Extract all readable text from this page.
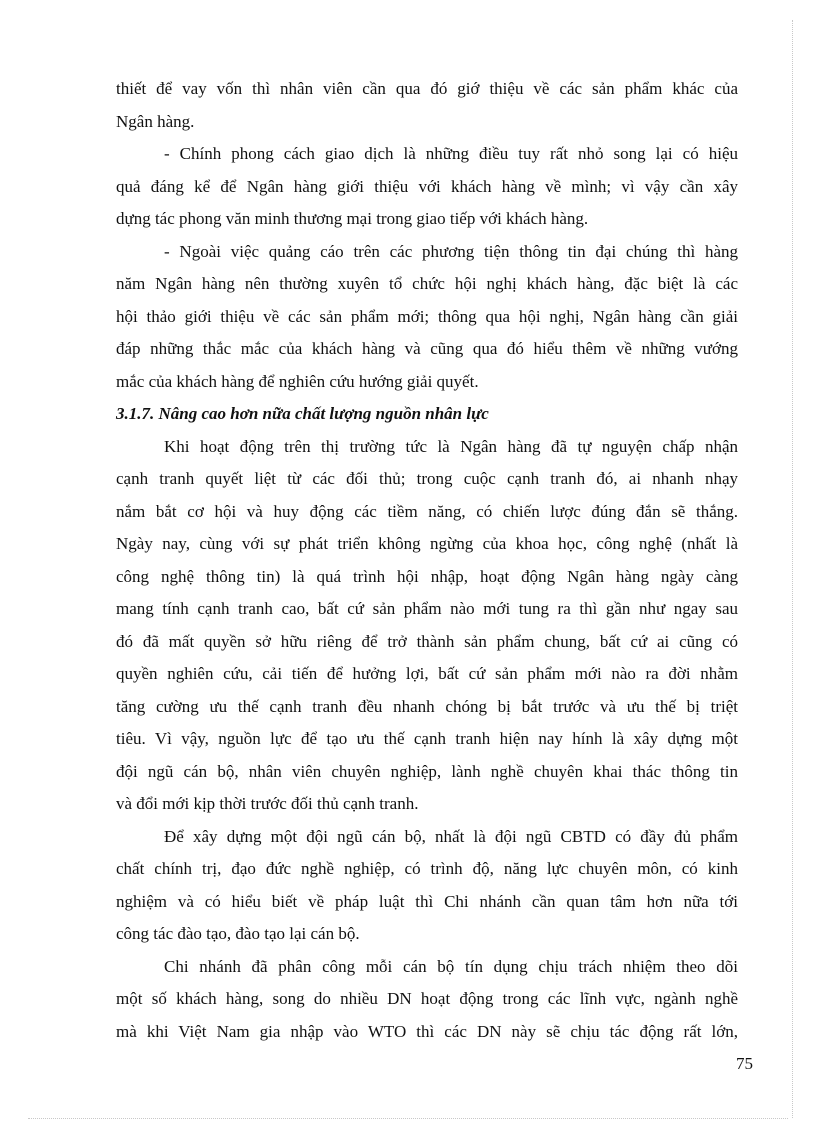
thiết để vay vốn thì nhân viên cần qua đó giớ thiệu về các sản phẩm khác của
Ngân hàng.
- Chính phong cách giao dịch là những điều tuy rất nhỏ song lại có hiệu
quả đáng kể để Ngân hàng giới thiệu với khách hàng về mình; vì vậy cần xây
dựng tác phong văn minh thương mại trong giao tiếp với khách hàng.
- Ngoài việc quảng cáo trên các phương tiện thông tin đại chúng thì hàng
năm Ngân hàng nên thường xuyên tổ chức hội nghị khách hàng, đặc biệt là các
hội thảo giới thiệu về các sản phẩm mới; thông qua hội nghị, Ngân hàng cần giải
đáp những thắc mắc của khách hàng và cũng qua đó hiểu thêm về những vướng
mắc của khách hàng để nghiên cứu hướng giải quyết.
3.1.7. Nâng cao hơn nữa chất lượng nguồn nhân lực
Khi hoạt động trên thị trường tức là Ngân hàng đã tự nguyện chấp nhận
cạnh tranh quyết liệt từ các đối thủ; trong cuộc cạnh tranh đó, ai nhanh nhạy
nắm bắt cơ hội và huy động các tiềm năng, có chiến lược đúng đắn sẽ thắng.
Ngày nay, cùng với sự phát triển không ngừng của khoa học, công nghệ (nhất là
công nghệ thông tin) là quá trình hội nhập, hoạt động Ngân hàng ngày càng
mang tính cạnh tranh cao, bất cứ sản phẩm nào mới tung ra thì gần như ngay sau
đó đã mất quyền sở hữu riêng để trở thành sản phẩm chung, bất cứ ai cũng có
quyền nghiên cứu, cải tiến để hưởng lợi, bất cứ sản phẩm mới nào ra đời nhằm
tăng cường ưu thế cạnh tranh đều nhanh chóng bị bắt trước và ưu thế bị triệt
tiêu. Vì vậy, nguồn lực để tạo ưu thế cạnh tranh hiện nay hính là xây dựng một
đội ngũ cán bộ, nhân viên chuyên nghiệp, lành nghề chuyên khai thác thông tin
và đổi mới kịp thời trước đối thủ cạnh tranh.
Để xây dựng một đội ngũ cán bộ, nhất là đội ngũ CBTD có đầy đủ phẩm
chất chính trị, đạo đức nghề nghiệp, có trình độ, năng lực chuyên môn, có kinh
nghiệm và có hiểu biết về pháp luật thì Chi nhánh cần quan tâm hơn nữa tới
công tác đào tạo, đào tạo lại cán bộ.
Chi nhánh đã phân công mỗi cán bộ tín dụng chịu trách nhiệm theo dõi
một số khách hàng, song do nhiều DN hoạt động trong các lĩnh vực, ngành nghề
mà khi Việt Nam gia nhập vào WTO thì các DN này sẽ chịu tác động rất lớn,
75
